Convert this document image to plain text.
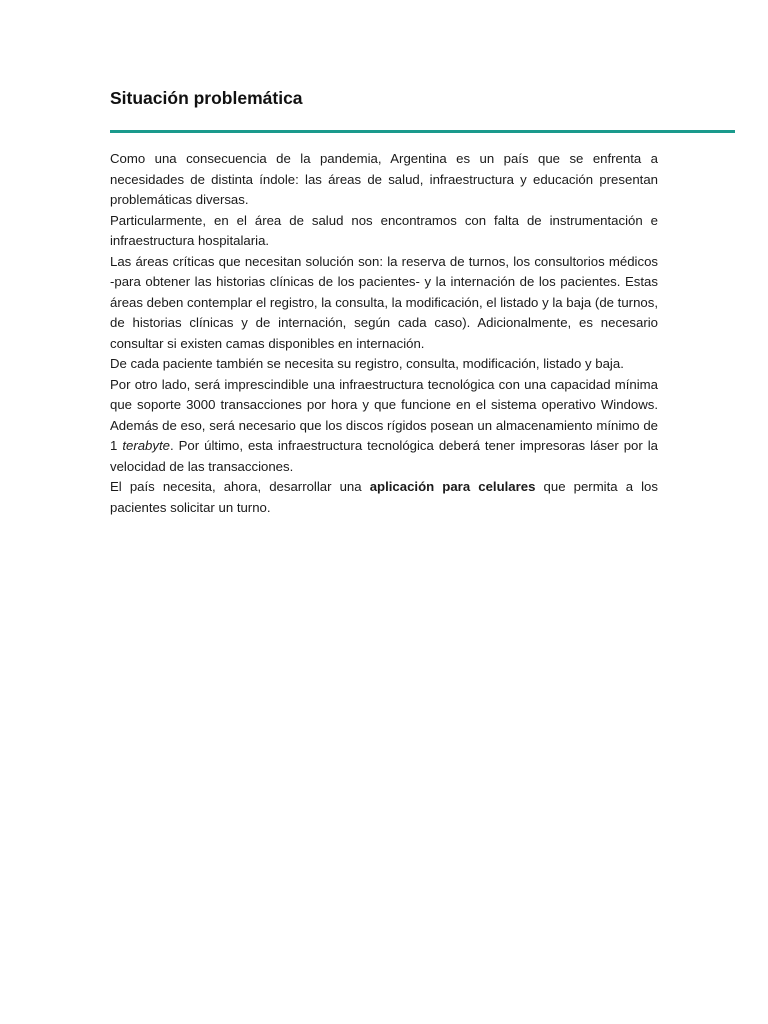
Situación problemática

Como una consecuencia de la pandemia, Argentina es un país que se enfrenta a necesidades de distinta índole: las áreas de salud, infraestructura y educación presentan problemáticas diversas.

Particularmente, en el área de salud nos encontramos con falta de instrumentación e infraestructura hospitalaria.

Las áreas críticas que necesitan solución son: la reserva de turnos, los consultorios médicos -para obtener las historias clínicas de los pacientes- y la internación de los pacientes. Estas áreas deben contemplar el registro, la consulta, la modificación, el listado y la baja (de turnos, de historias clínicas y de internación, según cada caso). Adicionalmente, es necesario consultar si existen camas disponibles en internación.

De cada paciente también se necesita su registro, consulta, modificación, listado y baja.

Por otro lado, será imprescindible una infraestructura tecnológica con una capacidad mínima que soporte 3000 transacciones por hora y que funcione en el sistema operativo Windows. Además de eso, será necesario que los discos rígidos posean un almacenamiento mínimo de 1 terabyte. Por último, esta infraestructura tecnológica deberá tener impresoras láser por la velocidad de las transacciones.

El país necesita, ahora, desarrollar una aplicación para celulares que permita a los pacientes solicitar un turno.
